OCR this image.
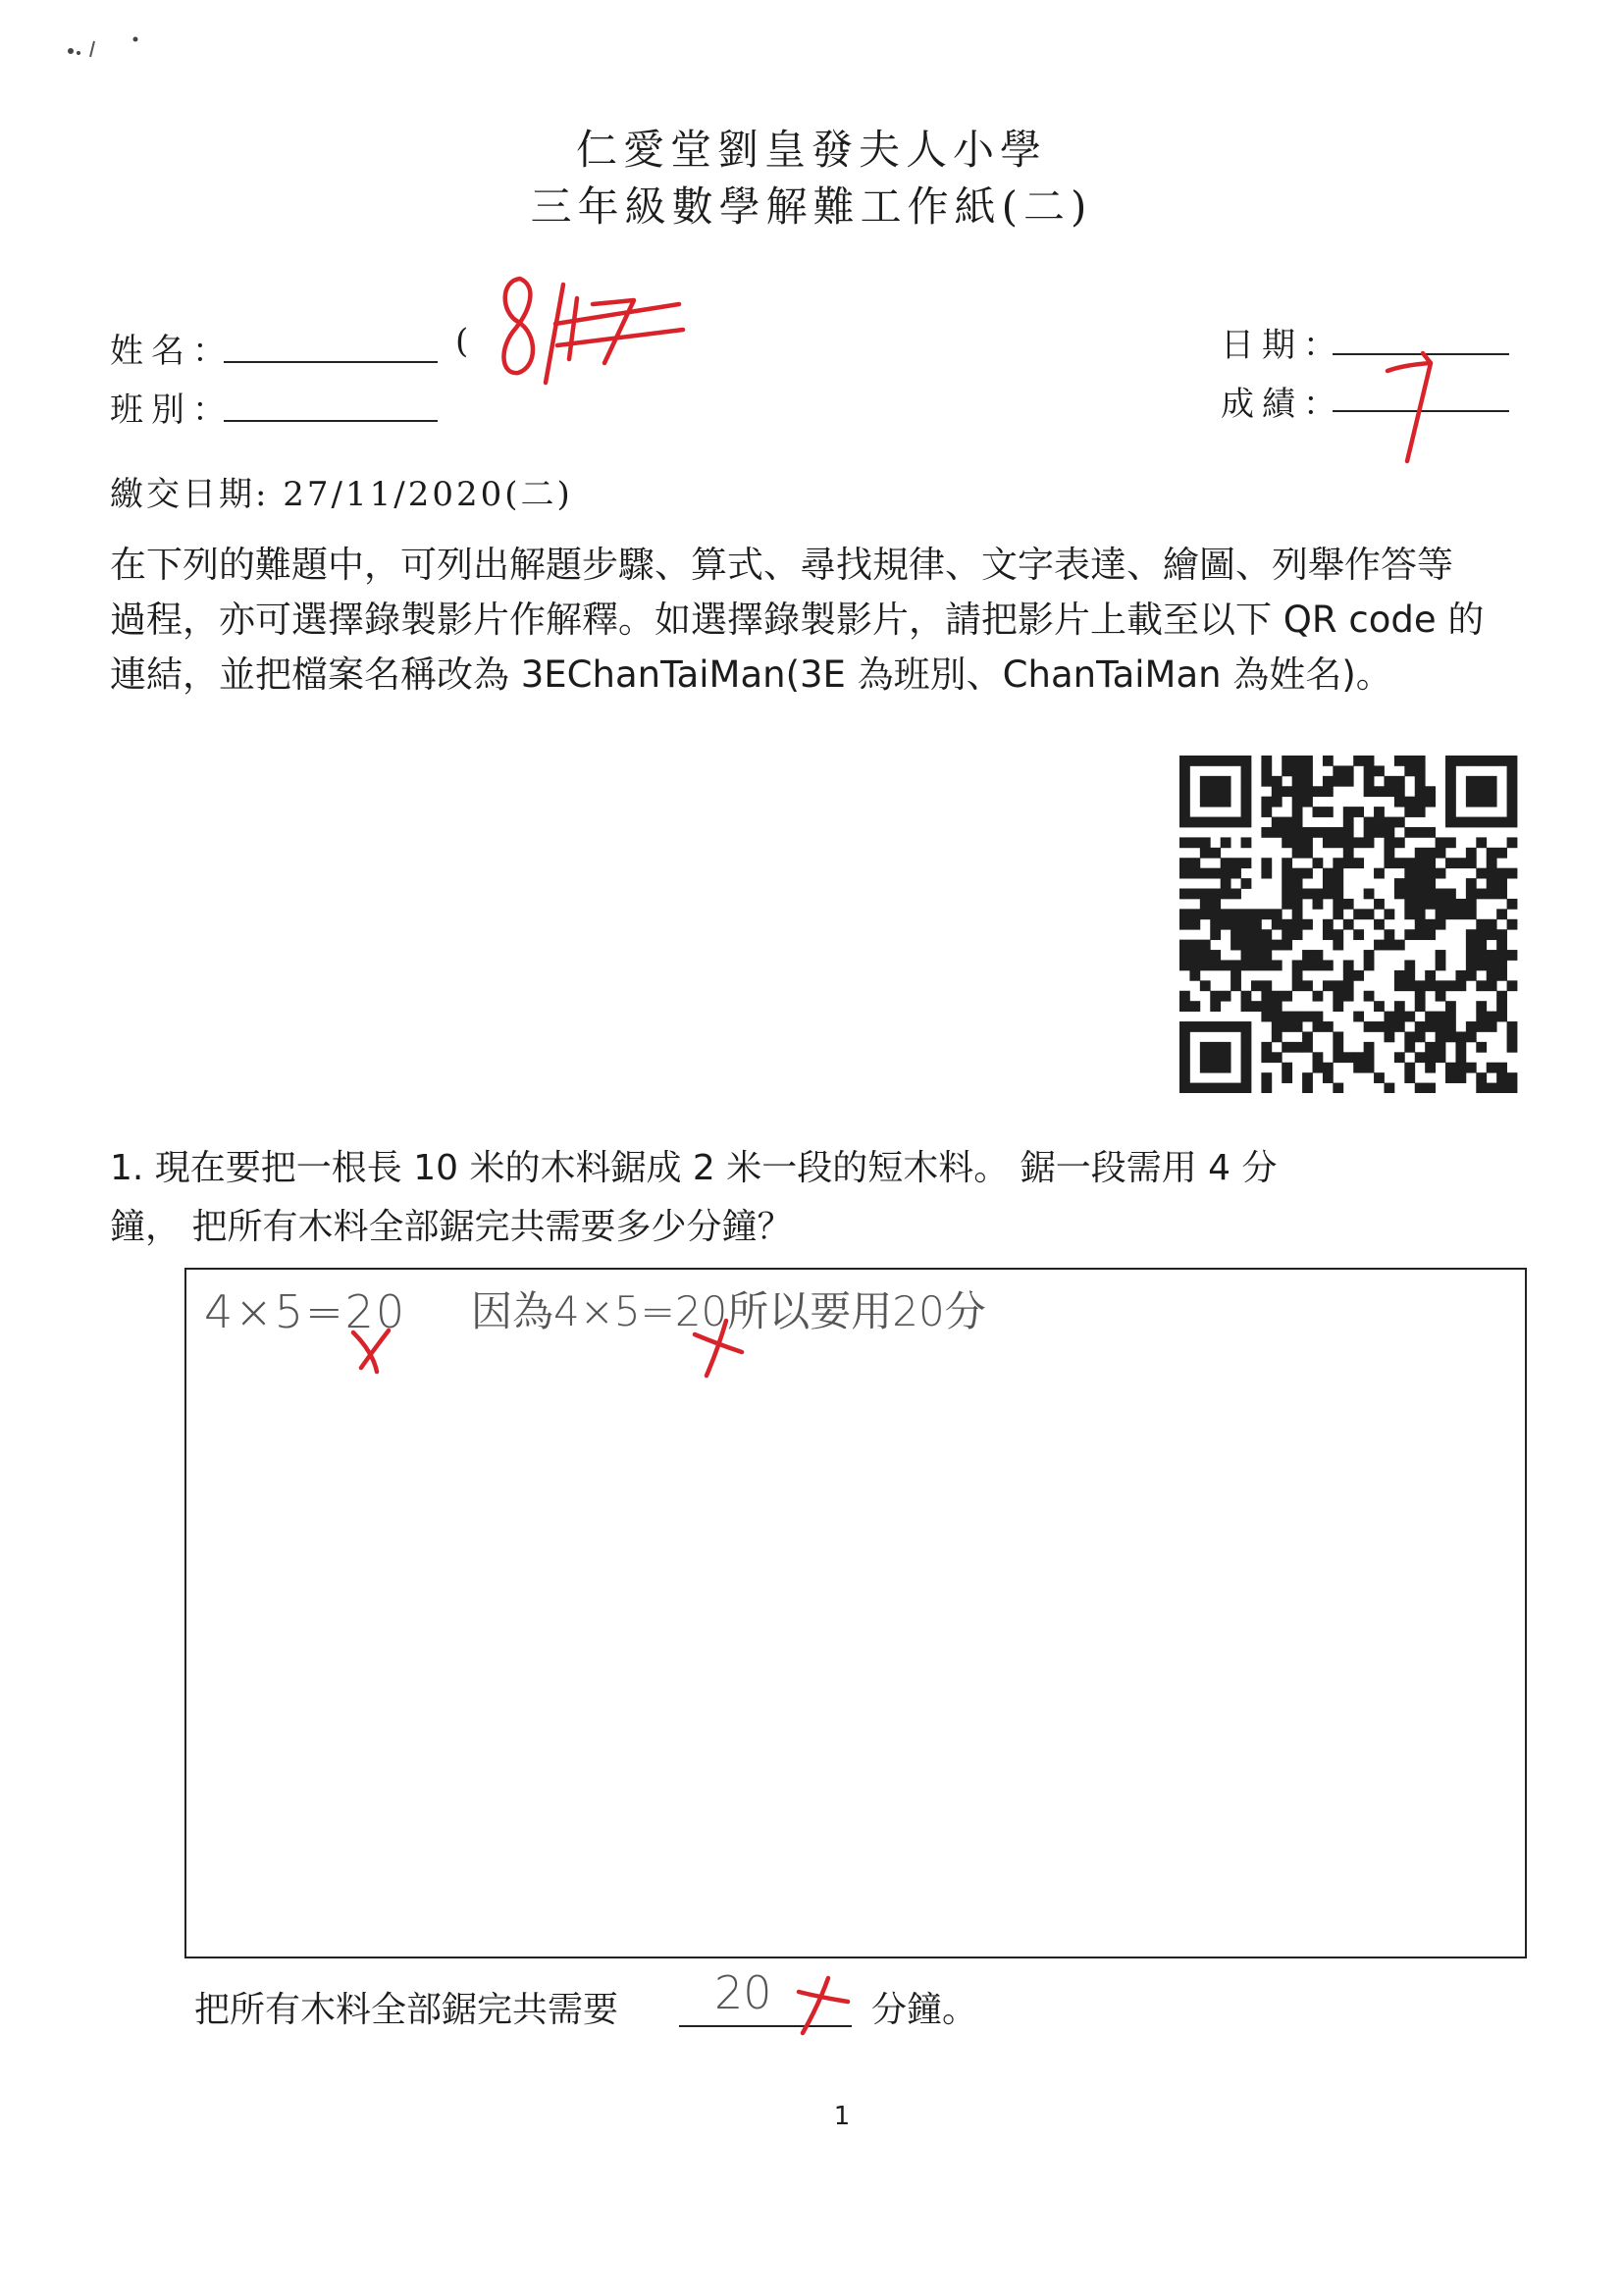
仁愛堂劉皇發夫人小學
三年級數學解難工作紙(二)
姓名：	(
班別：
日期：
成績：
8/17
繳交日期: 27/11/2020(二)
在下列的難題中，可列出解題步驟、算式、尋找規律、文字表達、繪圖、列舉作答等
過程，亦可選擇錄製影片作解釋。如選擇錄製影片，請把影片上載至以下 QR code 的
連結，並把檔案名稱改為 3EChanTaiMan(3E 為班別、ChanTaiMan 為姓名)。
1. 現在要把一根長 10 米的木料鋸成 2 米一段的短木料。 鋸一段需用 4 分
鐘， 把所有木料全部鋸完共需要多少分鐘？
4×5=20 因為4×5=20所以要用20分
把所有木料全部鋸完共需要 20	分鐘。
1
